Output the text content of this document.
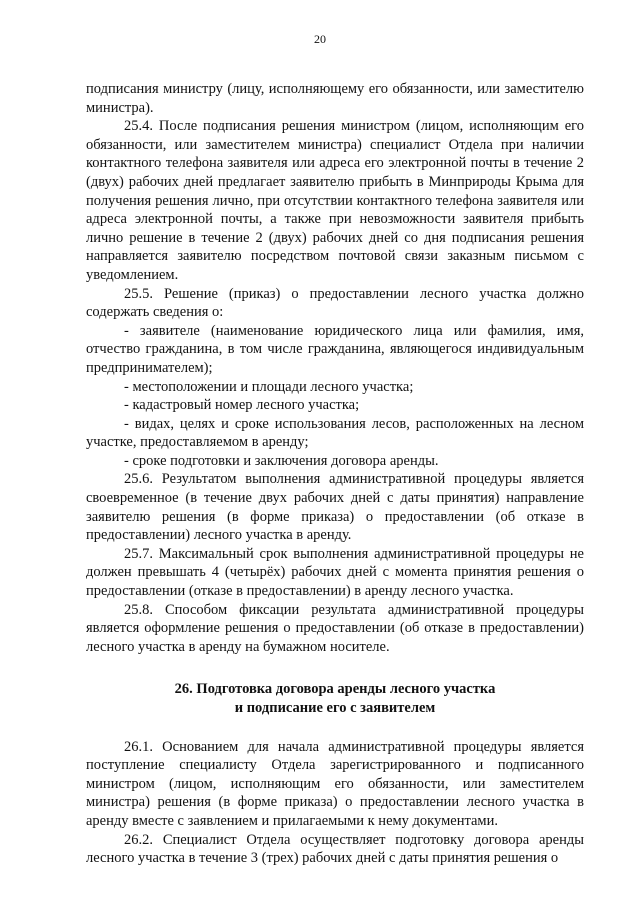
20

подписания министру (лицу, исполняющему его обязанности, или заместителю министра).

25.4. После подписания решения министром (лицом, исполняющим его обязанности, или заместителем министра) специалист Отдела при наличии контактного телефона заявителя или адреса его электронной почты в течение 2 (двух) рабочих дней предлагает заявителю прибыть в Минприроды Крыма для получения решения лично, при отсутствии контактного телефона заявителя или адреса электронной почты, а также при невозможности заявителя прибыть лично решение в течение 2 (двух) рабочих дней со дня подписания решения направляется заявителю посредством почтовой связи заказным письмом с уведомлением.

25.5. Решение (приказ) о предоставлении лесного участка должно содержать сведения о:

- заявителе (наименование юридического лица или фамилия, имя, отчество гражданина, в том числе гражданина, являющегося индивидуальным предпринимателем);

- местоположении и площади лесного участка;

- кадастровый номер лесного участка;

- видах, целях и сроке использования лесов, расположенных на лесном участке, предоставляемом в аренду;

- сроке подготовки и заключения договора аренды.

25.6. Результатом выполнения административной процедуры является своевременное (в течение двух рабочих дней с даты принятия) направление заявителю решения (в форме приказа) о предоставлении (об отказе в предоставлении) лесного участка в аренду.

25.7. Максимальный срок выполнения административной процедуры не должен превышать 4 (четырёх) рабочих дней с момента принятия решения о предоставлении (отказе в предоставлении) в аренду лесного участка.

25.8. Способом фиксации результата административной процедуры является оформление решения о предоставлении (об отказе в предоставлении) лесного участка в аренду на бумажном носителе.

26. Подготовка договора аренды лесного участка
и подписание его с заявителем

26.1. Основанием для начала административной процедуры является поступление специалисту Отдела зарегистрированного и подписанного министром (лицом, исполняющим его обязанности, или заместителем министра) решения (в форме приказа) о предоставлении лесного участка в аренду вместе с заявлением и прилагаемыми к нему документами.

26.2. Специалист Отдела осуществляет подготовку договора аренды лесного участка в течение 3 (трех) рабочих дней с даты принятия решения о
